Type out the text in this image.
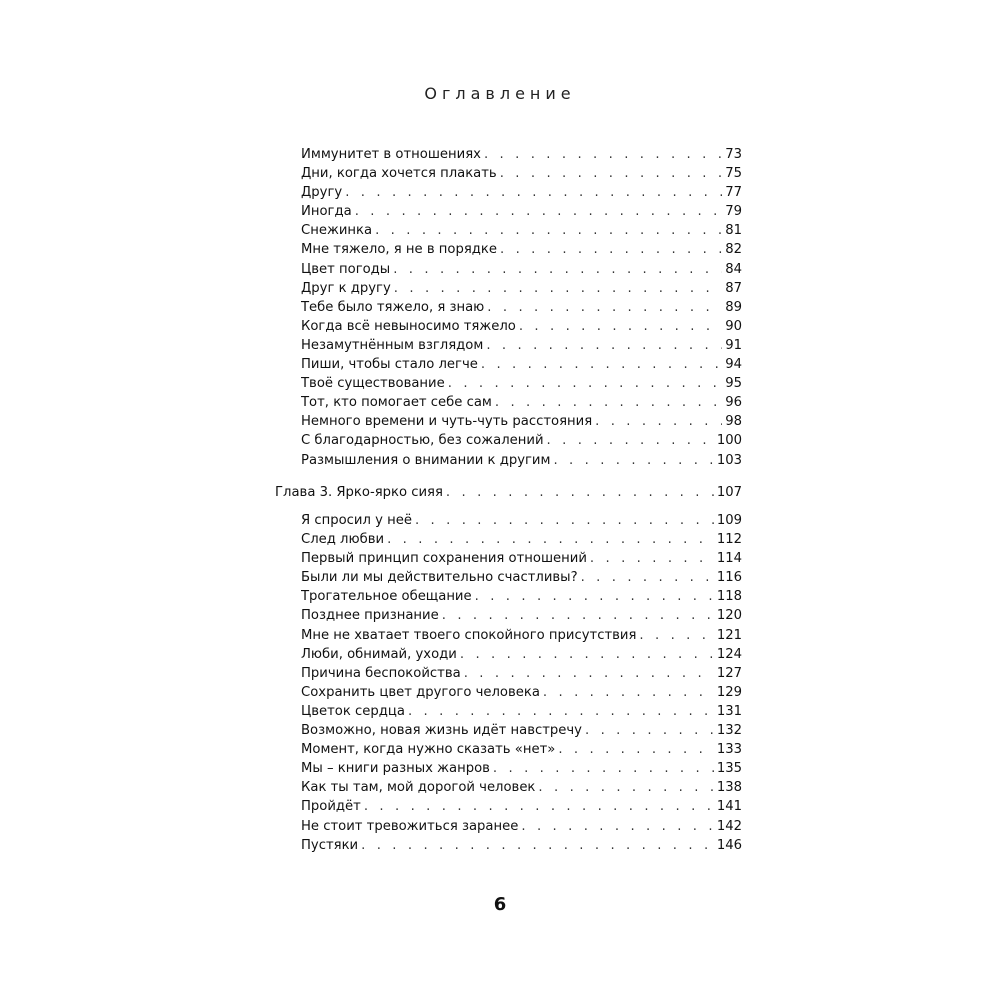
Оглавление
Иммунитет в отношениях . . .	73
Дни, когда хочется плакать . . .	75
Другу . . .	77
Иногда . . .	79
Снежинка . . .	81
Мне тяжело, я не в порядке . . .	82
Цвет погоды . . .	84
Друг к другу . . .	87
Тебе было тяжело, я знаю . . .	89
Когда всё невыносимо тяжело . . .	90
Незамутнённым взглядом . . .	91
Пиши, чтобы стало легче . . .	94
Твоё существование . . .	95
Тот, кто помогает себе сам . . .	96
Немного времени и чуть-чуть расстояния . . .	98
С благодарностью, без сожалений . . .	100
Размышления о внимании к другим . . .	103
Глава 3. Ярко-ярко сияя . . .	107
Я спросил у неё . . .	109
След любви . . .	112
Первый принцип сохранения отношений . . .	114
Были ли мы действительно счастливы? . . .	116
Трогательное обещание . . .	118
Позднее признание . . .	120
Мне не хватает твоего спокойного присутствия . . .	121
Люби, обнимай, уходи . . .	124
Причина беспокойства . . .	127
Сохранить цвет другого человека . . .	129
Цветок сердца . . .	131
Возможно, новая жизнь идёт навстречу . . .	132
Момент, когда нужно сказать «нет» . . .	133
Мы – книги разных жанров . . .	135
Как ты там, мой дорогой человек . . .	138
Пройдёт . . .	141
Не стоит тревожиться заранее . . .	142
Пустяки . . .	146
6
